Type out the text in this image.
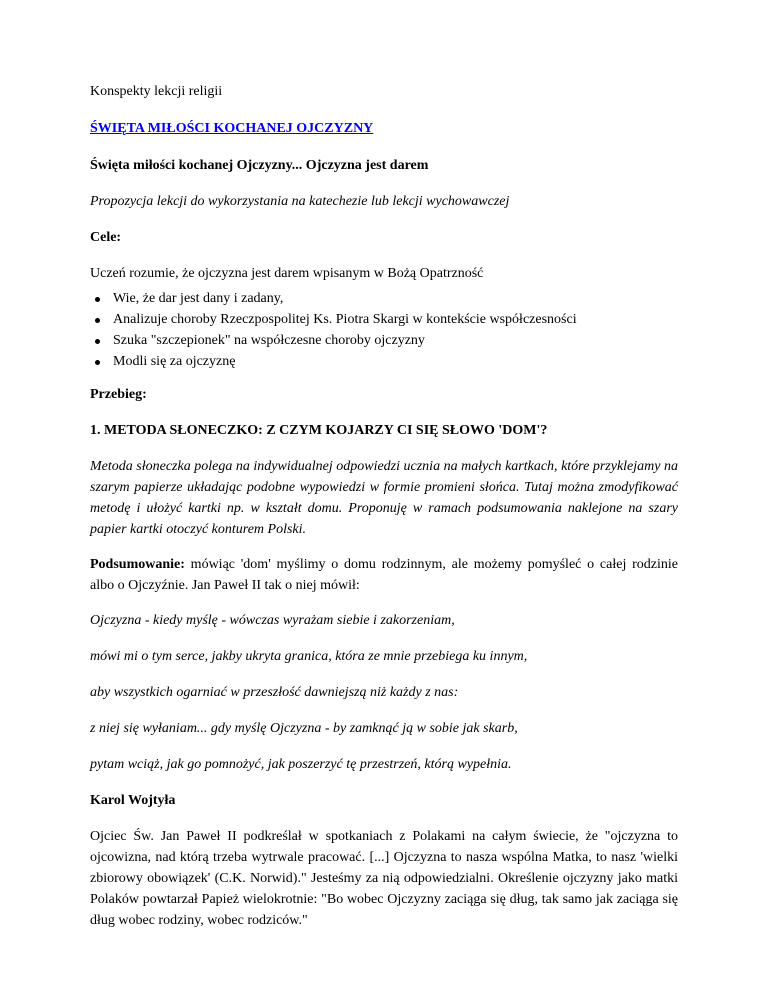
Konspekty lekcji religii

ŚWIĘTA MIŁOŚCI KOCHANEJ OJCZYZNY

Święta miłości kochanej Ojczyzny... Ojczyzna jest darem

Propozycja lekcji do wykorzystania na katechezie lub lekcji wychowawczej

Cele:

Uczeń rozumie, że ojczyzna jest darem wpisanym w Bożą Opatrzność

Wie, że dar jest dany i zadany,
Analizuje choroby Rzeczpospolitej Ks. Piotra Skargi w kontekście współczesności
Szuka "szczepionek" na współczesne choroby ojczyzny
Modli się za ojczyznę

Przebieg:

1. METODA SŁONECZKO: Z CZYM KOJARZY CI SIĘ SŁOWO 'DOM'?

Metoda słoneczka polega na indywidualnej odpowiedzi ucznia na małych kartkach, które przyklejamy na szarym papierze układając podobne wypowiedzi w formie promieni słońca. Tutaj można zmodyfikować metodę i ułożyć kartki np. w kształt domu. Proponuję w ramach podsumowania naklejone na szary papier kartki otoczyć konturem Polski.

Podsumowanie: mówiąc 'dom' myślimy o domu rodzinnym, ale możemy pomyśleć o całej rodzinie albo o Ojczyźnie. Jan Paweł II tak o niej mówił:

Ojczyzna - kiedy myślę - wówczas wyrażam siebie i zakorzeniam,

mówi mi o tym serce, jakby ukryta granica, która ze mnie przebiega ku innym,

aby wszystkich ogarniać w przeszłość dawniejszą niż każdy z nas:

z niej się wyłaniam... gdy myślę Ojczyzna - by zamknąć ją w sobie jak skarb,

pytam wciąż, jak go pomnożyć, jak poszerzyć tę przestrzeń, którą wypełnia.

Karol Wojtyła

Ojciec Św. Jan Paweł II podkreślał w spotkaniach z Polakami na całym świecie, że "ojczyzna to ojcowizna, nad którą trzeba wytrwale pracować. [...] Ojczyzna to nasza wspólna Matka, to nasz 'wielki zbiorowy obowiązek' (C.K. Norwid)." Jesteśmy za nią odpowiedzialni. Określenie ojczyzny jako matki Polaków powtarzał Papież wielokrotnie: "Bo wobec Ojczyzny zaciąga się dług, tak samo jak zaciąga się dług wobec rodziny, wobec rodziców."
